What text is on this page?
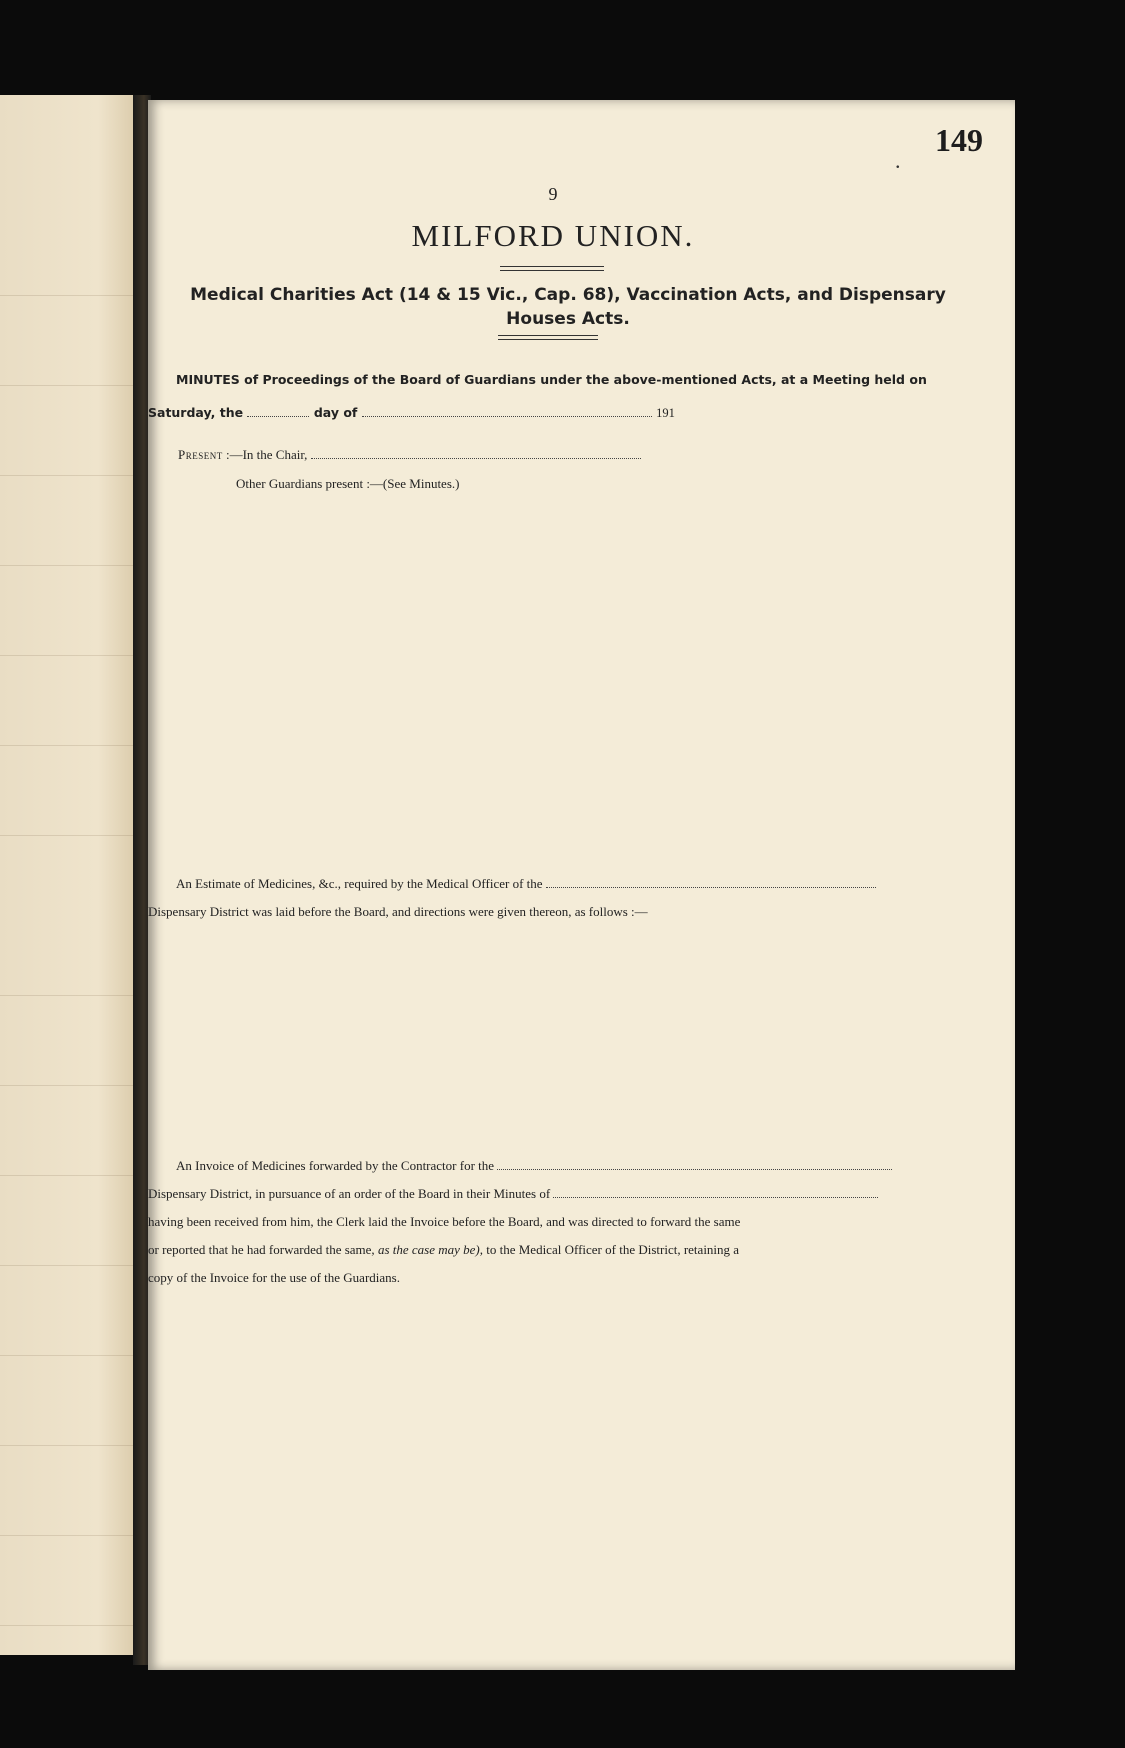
149
.
9
MILFORD UNION.
Medical Charities Act (14 & 15 Vic., Cap. 68), Vaccination Acts, and Dispensary
Houses Acts.
MINUTES of Proceedings of the Board of Guardians under the above-mentioned Acts, at a Meeting held on
Saturday, the	day of	191
Present :—In the Chair,
Other Guardians present :—(See Minutes.)
An Estimate of Medicines, &c., required by the Medical Officer of the
Dispensary District was laid before the Board, and directions were given thereon, as follows :—
An Invoice of Medicines forwarded by the Contractor for the
Dispensary District, in pursuance of an order of the Board in their Minutes of
having been received from him, the Clerk laid the Invoice before the Board, and was directed to forward the same
or reported that he had forwarded the same, as the case may be), to the Medical Officer of the District, retaining a
copy of the Invoice for the use of the Guardians.
